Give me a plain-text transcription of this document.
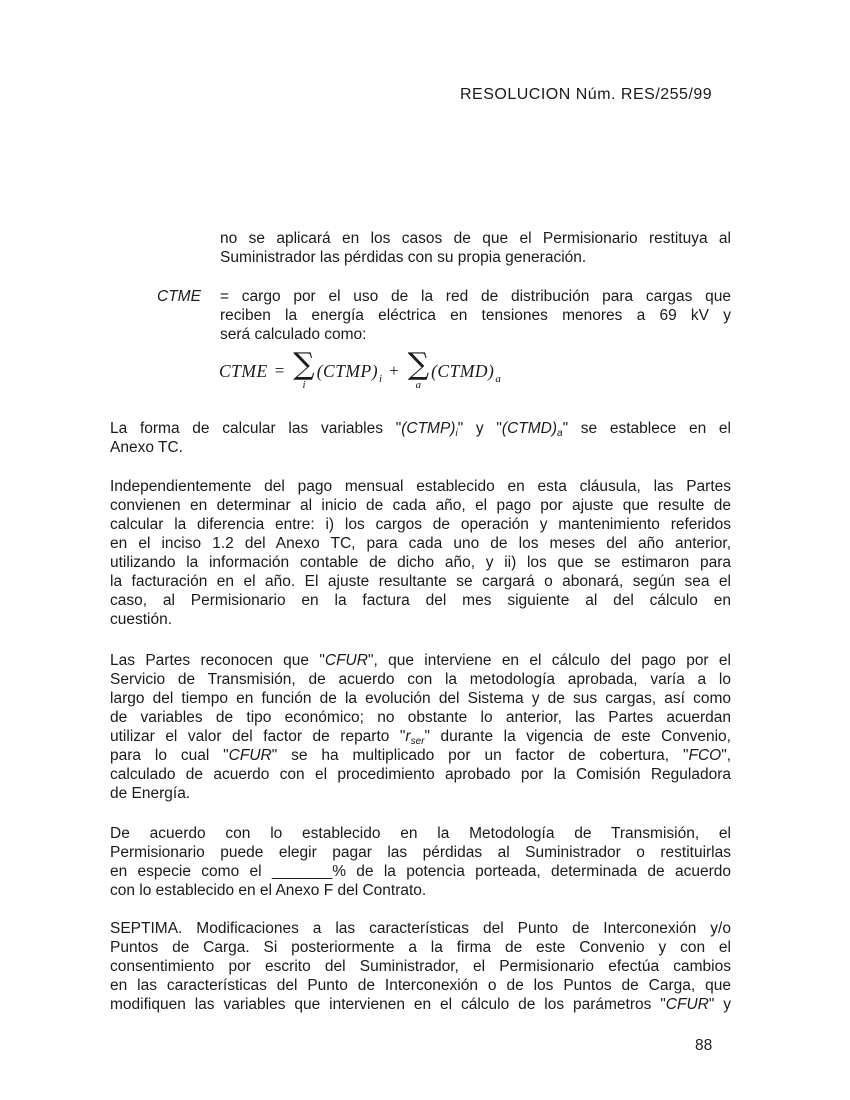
RESOLUCION Núm. RES/255/99
no se aplicará en los casos de que el Permisionario restituya al
Suministrador las pérdidas con su propia generación.
CTME	= cargo por el uso de la red de distribución para cargas que
reciben la energía eléctrica en tensiones menores a 69 kV y
será calculado como:
La forma de calcular las variables "$(CTMP)_i$" y "$(CTMD)_a$" se establece en el
Anexo TC.
Independientemente del pago mensual establecido en esta cláusula, las Partes
convienen en determinar al inicio de cada año, el pago por ajuste que resulte de
calcular la diferencia entre: i) los cargos de operación y mantenimiento referidos
en el inciso 1.2 del Anexo TC, para cada uno de los meses del año anterior,
utilizando la información contable de dicho año, y ii) los que se estimaron para
la facturación en el año. El ajuste resultante se cargará o abonará, según sea el
caso, al Permisionario en la factura del mes siguiente al del cálculo en
cuestión.
Las Partes reconocen que "CFUR", que interviene en el cálculo del pago por el
Servicio de Transmisión, de acuerdo con la metodología aprobada, varía a lo
largo del tiempo en función de la evolución del Sistema y de sus cargas, así como
de variables de tipo económico; no obstante lo anterior, las Partes acuerdan
utilizar el valor del factor de reparto "$r_{ser}$" durante la vigencia de este Convenio,
para lo cual "CFUR" se ha multiplicado por un factor de cobertura, "FCO",
calculado de acuerdo con el procedimiento aprobado por la Comisión Reguladora
de Energía.
De acuerdo con lo establecido en la Metodología de Transmisión, el
Permisionario puede elegir pagar las pérdidas al Suministrador o restituirlas
en especie como el _______% de la potencia porteada, determinada de acuerdo
con lo establecido en el Anexo F del Contrato.
SEPTIMA. Modificaciones a las características del Punto de Interconexión y/o
Puntos de Carga. Si posteriormente a la firma de este Convenio y con el
consentimiento por escrito del Suministrador, el Permisionario efectúa cambios
en las características del Punto de Interconexión o de los Puntos de Carga, que
modifiquen las variables que intervienen en el cálculo de los parámetros "CFUR" y
CTME = ∑
i
(CTMP) i + ∑
a
(CTMD) a
88
